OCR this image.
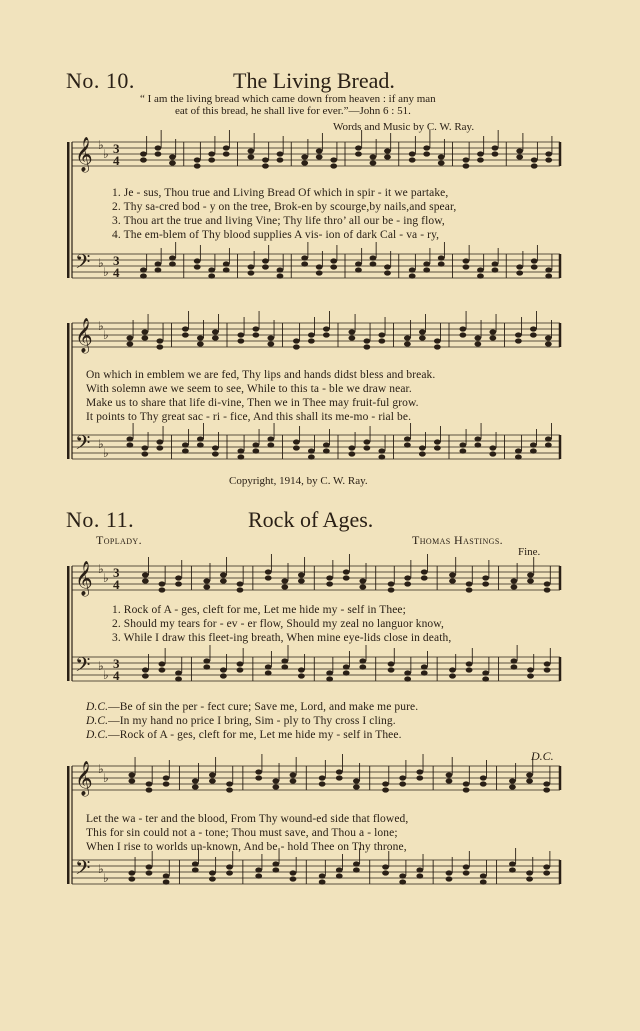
𝄞
𝄢
♭
♭
♭
♭
3
3
4
4
𝄞
𝄢
♭
♭
♭
♭
𝄞
𝄢
♭
♭
♭
♭
3
3
4
4
𝄞
𝄢
♭
♭
♭
♭
No. 10.	The Living Bread.
“ I am the living bread which came down from heaven : if any man
eat of this bread, he shall live for ever.”—John 6 : 51.
Words and Music by C. W. Ray.
1. Je - sus, Thou true and Living Bread Of which in spir - it we partake,
2. Thy sa-cred bod - y on the tree, Brok-en by scourge,by nails,and spear,
3. Thou art the true and living Vine; Thy life thro’ all our be - ing flow,
4. The em-blem of Thy blood supplies A vis- ion of dark Cal - va - ry,
On which in emblem we are fed, Thy lips and hands didst bless and break.
With solemn awe we seem to see, While to this ta - ble we draw near.
Make us to share that life di-vine, Then we in Thee may fruit-ful grow.
It points to Thy great sac - ri - fice, And this shall its me-mo - rial be.
Copyright, 1914, by C. W. Ray.
No. 11.	Rock of Ages.
Toplady.	Thomas Hastings.
Fine.
1. Rock of A - ges, cleft for me, Let me hide my - self in Thee;
2. Should my tears for - ev - er flow, Should my zeal no languor know,
3. While I draw this fleet-ing breath, When mine eye-lids close in death,
D.C.—Be of sin the per - fect cure; Save me, Lord, and make me pure.
D.C.—In my hand no price I bring, Sim - ply to Thy cross I cling.
D.C.—Rock of A - ges, cleft for me, Let me hide my - self in Thee.
D.C.
Let the wa - ter and the blood, From Thy wound-ed side that flowed,
This for sin could not a - tone; Thou must save, and Thou a - lone;
When I rise to worlds un-known, And be - hold Thee on Thy throne,
